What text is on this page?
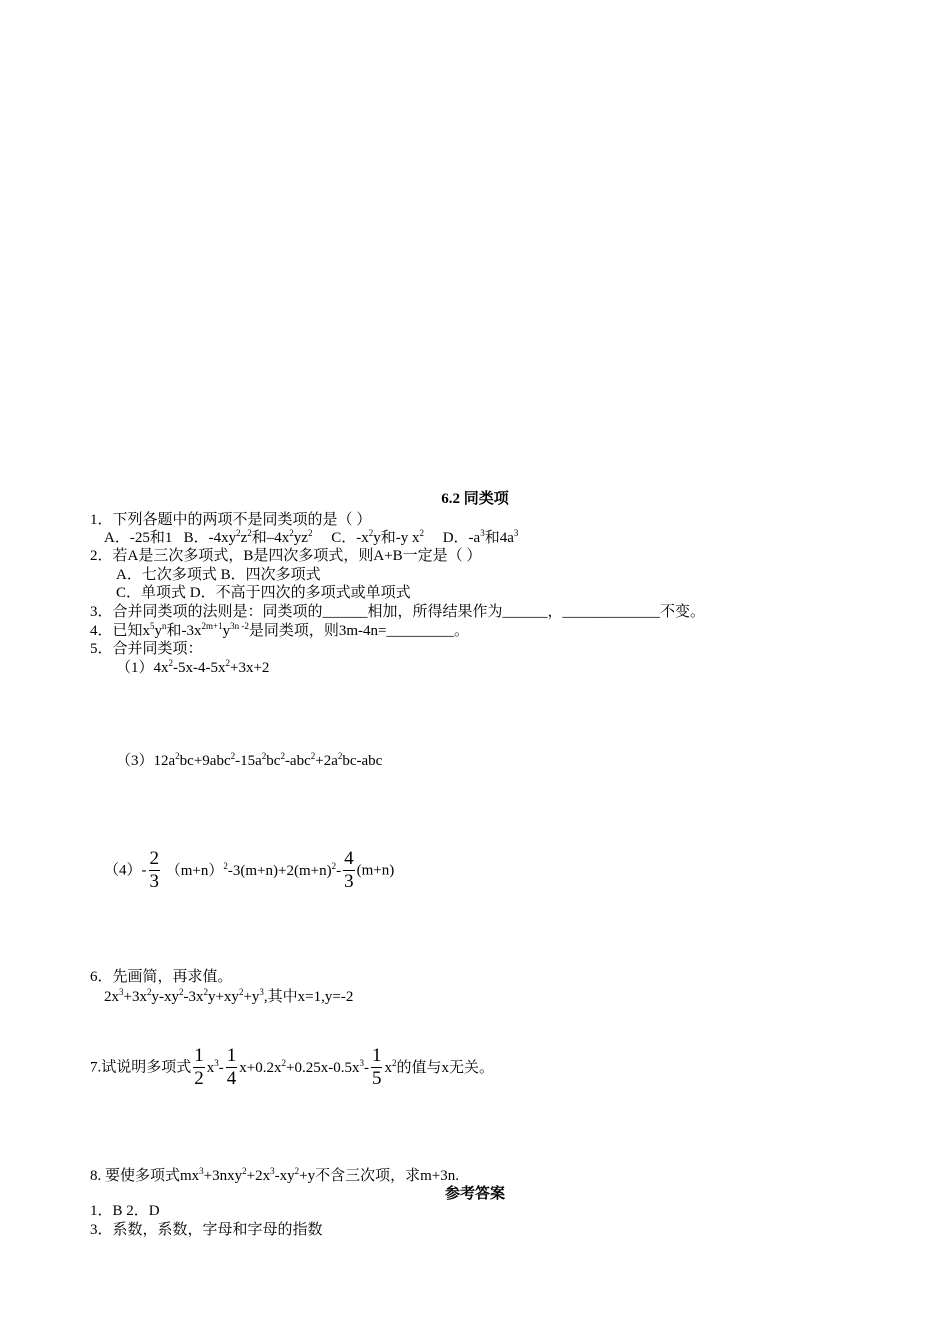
6.2 同类项
1．下列各题中的两项不是同类项的是（ ）
A．-25和1 B．$-4xy^2z^2$和$-4x^2yz^2$ C．$-x^2y$和-y $x^2$ D．$-a^3$和$4a^3$
2．若A是三次多项式，B是四次多项式，则A+B一定是（ ）
A．七次多项式 B．四次多项式
C．单项式 D．不高于四次的多项式或单项式
3．合并同类项的法则是：同类项的______相加，所得结果作为______，_____________不变。
4．已知$x^5y^n$和$-3x^{2m+1}y^{3n -2}$是同类项，则3m-4n=_________。
5．合并同类项：
$(1)4x^2-5x-4-5x^2+3x+2$
$(3)12a^2bc+9abc^2-15a^2bc^2-abc^2+2a^2bc$-abc
$(4)- \frac{2}{3} (m+n)^2-3(m+n)+2(m+n)^2- \frac{4}{3} (m+n)$
6．先画简，再求值。
$2x^3+3x^2y-xy^2-3x^2y+xy^2+y^3$,其中x=1,y=-2
7.试说明多项式 $\frac{1}{2} x^3- \frac{1}{4} x+0.2x^2+0.25x-0.5x^3- \frac{1}{5} x^2$的值与x无关。
8. 要使多项式$mx^3+3nxy^2+2x^3-xy^2+y$不含三次项，求m+3n.
参考答案
1．B 2．D
3．系数，系数，字母和字母的指数
